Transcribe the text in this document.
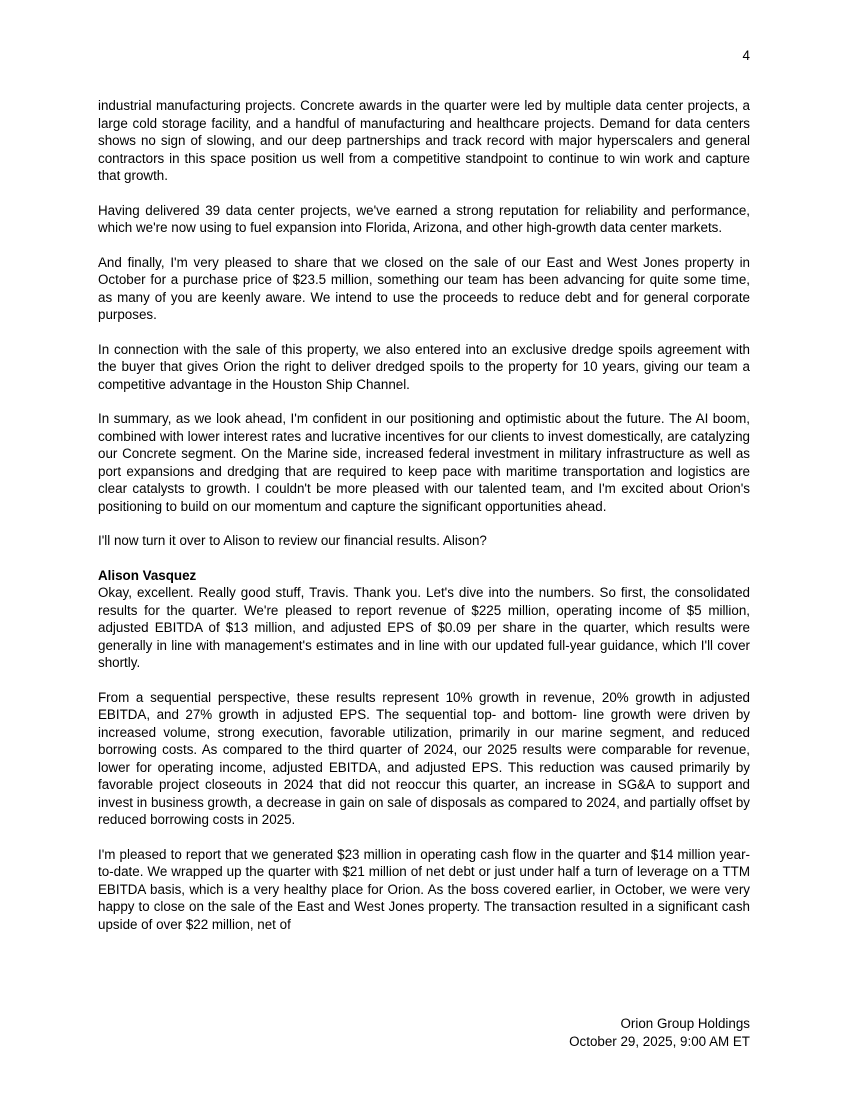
4

industrial manufacturing projects. Concrete awards in the quarter were led by multiple data center projects, a large cold storage facility, and a handful of manufacturing and healthcare projects. Demand for data centers shows no sign of slowing, and our deep partnerships and track record with major hyperscalers and general contractors in this space position us well from a competitive standpoint to continue to win work and capture that growth.

Having delivered 39 data center projects, we've earned a strong reputation for reliability and performance, which we're now using to fuel expansion into Florida, Arizona, and other high-growth data center markets.

And finally, I'm very pleased to share that we closed on the sale of our East and West Jones property in October for a purchase price of $23.5 million, something our team has been advancing for quite some time, as many of you are keenly aware. We intend to use the proceeds to reduce debt and for general corporate purposes.

In connection with the sale of this property, we also entered into an exclusive dredge spoils agreement with the buyer that gives Orion the right to deliver dredged spoils to the property for 10 years, giving our team a competitive advantage in the Houston Ship Channel.

In summary, as we look ahead, I'm confident in our positioning and optimistic about the future. The AI boom, combined with lower interest rates and lucrative incentives for our clients to invest domestically, are catalyzing our Concrete segment. On the Marine side, increased federal investment in military infrastructure as well as port expansions and dredging that are required to keep pace with maritime transportation and logistics are clear catalysts to growth. I couldn't be more pleased with our talented team, and I'm excited about Orion's positioning to build on our momentum and capture the significant opportunities ahead.

I'll now turn it over to Alison to review our financial results. Alison?

Alison Vasquez
Okay, excellent. Really good stuff, Travis. Thank you. Let's dive into the numbers. So first, the consolidated results for the quarter. We're pleased to report revenue of $225 million, operating income of $5 million, adjusted EBITDA of $13 million, and adjusted EPS of $0.09 per share in the quarter, which results were generally in line with management's estimates and in line with our updated full-year guidance, which I'll cover shortly.

From a sequential perspective, these results represent 10% growth in revenue, 20% growth in adjusted EBITDA, and 27% growth in adjusted EPS. The sequential top- and bottom- line growth were driven by increased volume, strong execution, favorable utilization, primarily in our marine segment, and reduced borrowing costs. As compared to the third quarter of 2024, our 2025 results were comparable for revenue, lower for operating income, adjusted EBITDA, and adjusted EPS. This reduction was caused primarily by favorable project closeouts in 2024 that did not reoccur this quarter, an increase in SG&A to support and invest in business growth, a decrease in gain on sale of disposals as compared to 2024, and partially offset by reduced borrowing costs in 2025.

I'm pleased to report that we generated $23 million in operating cash flow in the quarter and $14 million year-to-date. We wrapped up the quarter with $21 million of net debt or just under half a turn of leverage on a TTM EBITDA basis, which is a very healthy place for Orion. As the boss covered earlier, in October, we were very happy to close on the sale of the East and West Jones property. The transaction resulted in a significant cash upside of over $22 million, net of

Orion Group Holdings
October 29, 2025, 9:00 AM ET
